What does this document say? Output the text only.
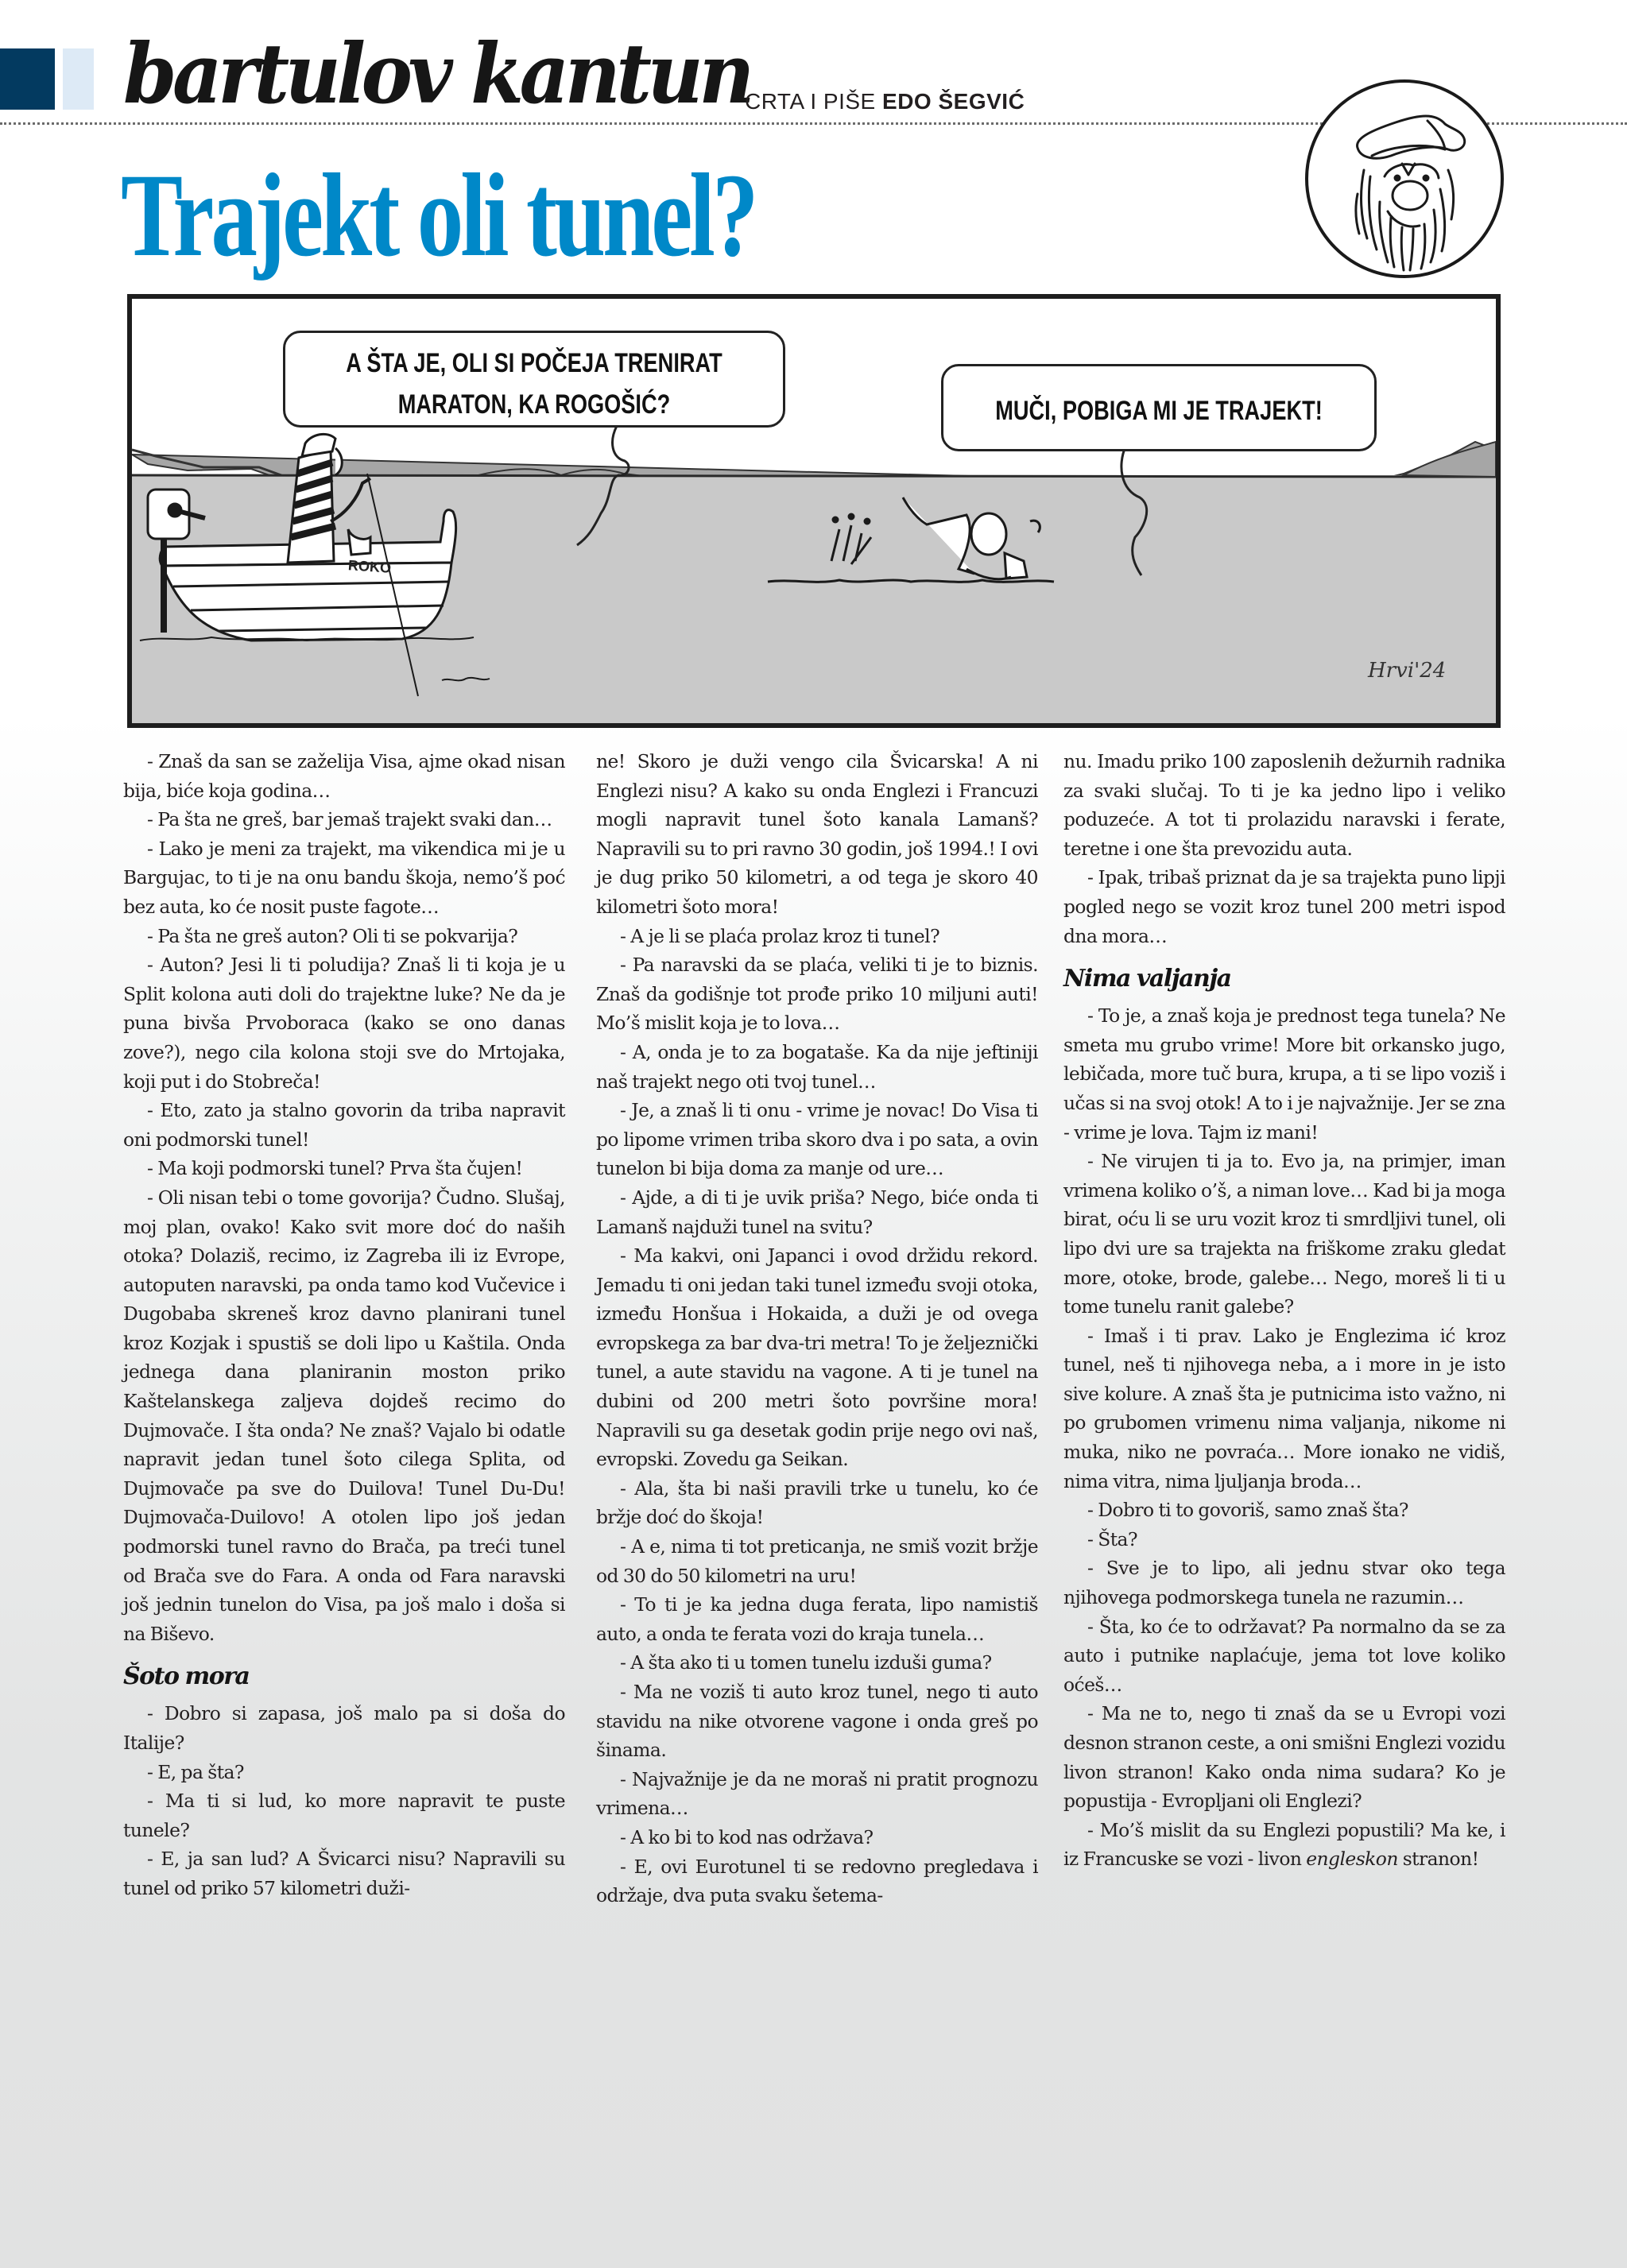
bartulov kantun
CRTA I PIŠE EDO ŠEGVIĆ
Trajekt oli tunel?
A ŠTA JE, OLI SI POČEJA TRENIRAT
MARATON, KA ROGOŠIĆ?	MUČI, POBIGA MI JE TRAJEKT!
ROKO
Hrvi'24

- Znaš da san se zaželija Visa, ajme okad nisan bija, biće koja godina…

- Pa šta ne greš, bar jemaš trajekt svaki dan…

- Lako je meni za trajekt, ma vikendica mi je u Bargujac, to ti je na onu bandu škoja, nemo’š poć bez auta, ko će nosit puste fagote…

- Pa šta ne greš auton? Oli ti se pokvarija?

- Auton? Jesi li ti poludija? Znaš li ti koja je u Split kolona auti doli do trajektne luke? Ne da je puna bivša Prvoboraca (kako se ono danas zove?), nego cila kolona stoji sve do Mrtojaka, koji put i do Stobreča!

- Eto, zato ja stalno govorin da triba napravit oni podmorski tunel!

- Ma koji podmorski tunel? Prva šta čujen!

- Oli nisan tebi o tome govorija? Čudno. Slušaj, moj plan, ovako! Kako svit more doć do naših otoka? Dolaziš, recimo, iz Zagreba ili iz Evrope, autoputen naravski, pa onda tamo kod Vučevice i Dugobaba skreneš kroz davno planirani tunel kroz Kozjak i spustiš se doli lipo u Kaštila. Onda jednega dana planiranin moston priko Kaštelanskega zaljeva dojdeš recimo do Dujmovače. I šta onda? Ne znaš? Vajalo bi odatle napravit jedan tunel šoto cilega Splita, od Dujmovače pa sve do Duilova! Tunel Du-Du! Dujmovača-Duilovo! A otolen lipo još jedan podmorski tunel ravno do Brača, pa treći tunel od Brača sve do Fara. A onda od Fara naravski još jednin tunelon do Visa, pa još malo i doša si na Biševo.

Šoto mora

- Dobro si zapasa, još malo pa si doša do Italije?

- E, pa šta?

- Ma ti si lud, ko more napravit te puste tunele?

- E, ja san lud? A Švicarci nisu? Napravili su tunel od priko 57 kilometri duži-

ne! Skoro je duži vengo cila Švicarska! A ni Englezi nisu? A kako su onda Englezi i Francuzi mogli napravit tunel šoto kanala Lamanš? Napravili su to pri ravno 30 godin, još 1994.! I ovi je dug priko 50 kilometri, a od tega je skoro 40 kilometri šoto mora!

- A je li se plaća prolaz kroz ti tunel?

- Pa naravski da se plaća, veliki ti je to biznis. Znaš da godišnje tot prođe priko 10 miljuni auti! Mo’š mislit koja je to lova…

- A, onda je to za bogataše. Ka da nije jeftiniji naš trajekt nego oti tvoj tunel…

- Je, a znaš li ti onu - vrime je novac! Do Visa ti po lipome vrimen triba skoro dva i po sata, a ovin tunelon bi bija doma za manje od ure…

- Ajde, a di ti je uvik priša? Nego, biće onda ti Lamanš najduži tunel na svitu?

- Ma kakvi, oni Japanci i ovod držidu rekord. Jemadu ti oni jedan taki tunel između svoji otoka, između Honšua i Hokaida, a duži je od ovega evropskega za bar dva-tri metra! To je željeznički tunel, a aute stavidu na vagone. A ti je tunel na dubini od 200 metri šoto površine mora! Napravili su ga desetak godin prije nego ovi naš, evropski. Zovedu ga Seikan.

- Ala, šta bi naši pravili trke u tunelu, ko će bržje doć do škoja!

- A e, nima ti tot preticanja, ne smiš vozit bržje od 30 do 50 kilometri na uru!

- To ti je ka jedna duga ferata, lipo namistiš auto, a onda te ferata vozi do kraja tunela…

- A šta ako ti u tomen tunelu izduši guma?

- Ma ne voziš ti auto kroz tunel, nego ti auto stavidu na nike otvorene vagone i onda greš po šinama.

- Najvažnije je da ne moraš ni pratit prognozu vrimena…

- A ko bi to kod nas održava?

- E, ovi Eurotunel ti se redovno pregledava i održaje, dva puta svaku šetema-

nu. Imadu priko 100 zaposlenih dežurnih radnika za svaki slučaj. To ti je ka jedno lipo i veliko poduzeće. A tot ti prolazidu naravski i ferate, teretne i one šta prevozidu auta.

- Ipak, tribaš priznat da je sa trajekta puno lipji pogled nego se vozit kroz tunel 200 metri ispod dna mora…

Nima valjanja

- To je, a znaš koja je prednost tega tunela? Ne smeta mu grubo vrime! More bit orkansko jugo, lebičada, more tuč bura, krupa, a ti se lipo voziš i učas si na svoj otok! A to i je najvažnije. Jer se zna - vrime je lova. Tajm iz mani!

- Ne virujen ti ja to. Evo ja, na primjer, iman vrimena koliko o’š, a niman love… Kad bi ja moga birat, oću li se uru vozit kroz ti smrdljivi tunel, oli lipo dvi ure sa trajekta na friškome zraku gledat more, otoke, brode, galebe… Nego, moreš li ti u tome tunelu ranit galebe?

- Imaš i ti prav. Lako je Englezima ić kroz tunel, neš ti njihovega neba, a i more in je isto sive kolure. A znaš šta je putnicima isto važno, ni po grubomen vrimenu nima valjanja, nikome ni muka, niko ne povraća… More ionako ne vidiš, nima vitra, nima ljuljanja broda…

- Dobro ti to govoriš, samo znaš šta?

- Šta?

- Sve je to lipo, ali jednu stvar oko tega njihovega podmorskega tunela ne razumin…

- Šta, ko će to održavat? Pa normalno da se za auto i putnike naplaćuje, jema tot love koliko oćeš…

- Ma ne to, nego ti znaš da se u Evropi vozi desnon stranon ceste, a oni smišni Englezi vozidu livon stranon! Kako onda nima sudara? Ko je popustija - Evropljani oli Englezi?

- Mo’š mislit da su Englezi popustili? Ma ke, i iz Francuske se vozi - livon engleskon stranon!
